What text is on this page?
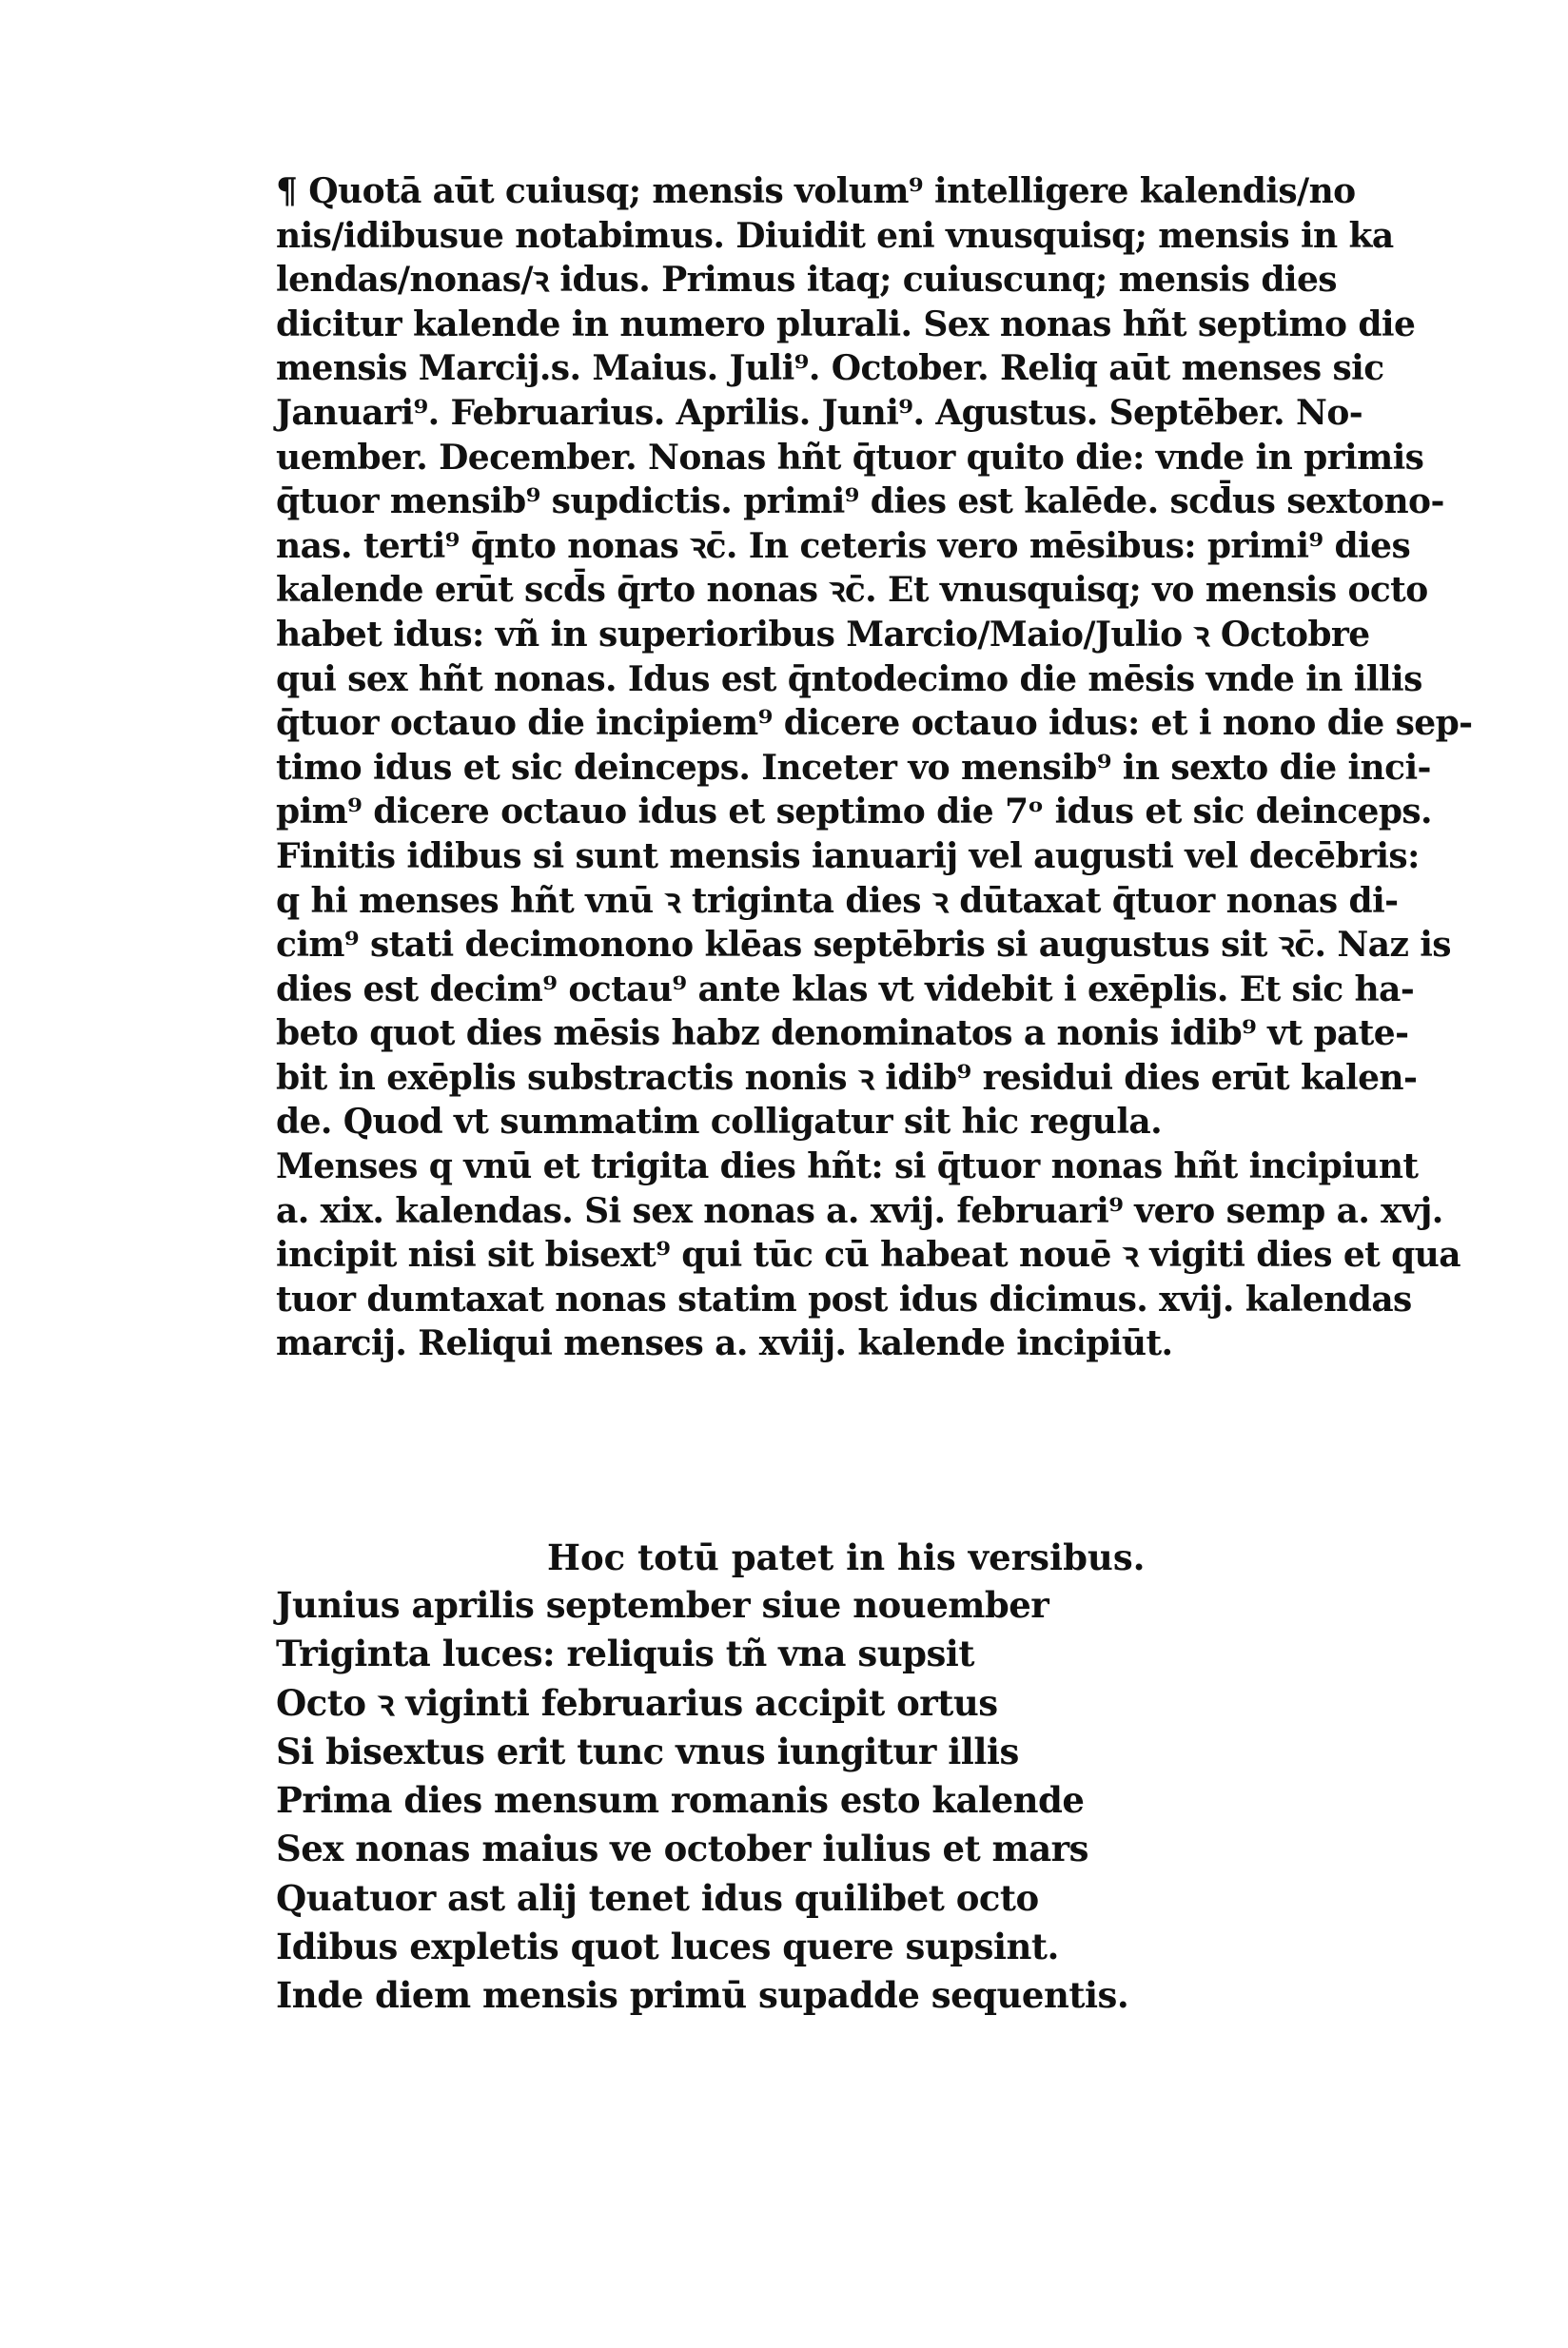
¶ Quotā aūt cuiusq; mensis volum⁹ intelligere kalendis/no
nis/idibusue notabimus. Diuidit eni vnusquisq; mensis in ka
lendas/nonas/ꝛ idus. Primus itaq; cuiuscunq; mensis dies
dicitur kalende in numero plurali. Sex nonas hñt septimo die
mensis Marcij.s. Maius. Juli⁹. October. Reliq aūt menses sic
Januari⁹. Februarius. Aprilis. Juni⁹. Agustus. Septēber. No-
uember. December. Nonas hñt q̄tuor quito die: vnde in primis
q̄tuor mensib⁹ supdictis. primi⁹ dies est kalēde. scd̄us sextono-
nas. terti⁹ q̄nto nonas ꝛc̄. In ceteris vero mēsibus: primi⁹ dies
kalende erūt scd̄s q̄rto nonas ꝛc̄. Et vnusquisq; vo mensis octo
habet idus: vñ in superioribus Marcio/Maio/Julio ꝛ Octobre
qui sex hñt nonas. Idus est q̄ntodecimo die mēsis vnde in illis
q̄tuor octauo die incipiem⁹ dicere octauo idus: et i nono die sep-
timo idus et sic deinceps. Inceter vo mensib⁹ in sexto die inci-
pim⁹ dicere octauo idus et septimo die 7ᵒ idus et sic deinceps.
Finitis idibus si sunt mensis ianuarij vel augusti vel decēbris:
q hi menses hñt vnū ꝛ triginta dies ꝛ dūtaxat q̄tuor nonas di-
cim⁹ stati decimonono klēas septēbris si augustus sit ꝛc̄. Naz is
dies est decim⁹ octau⁹ ante klas vt videbit i exēplis. Et sic ha-
beto quot dies mēsis habz denominatos a nonis idib⁹ vt pate-
bit in exēplis substractis nonis ꝛ idib⁹ residui dies erūt kalen-
de. Quod vt summatim colligatur sit hic regula.
Menses q vnū et trigita dies hñt: si q̄tuor nonas hñt incipiunt
a. xix. kalendas. Si sex nonas a. xvij. februari⁹ vero semp a. xvj.
incipit nisi sit bisext⁹ qui tūc cū habeat nouē ꝛ vigiti dies et qua
tuor dumtaxat nonas statim post idus dicimus. xvij. kalendas
marcij. Reliqui menses a. xviij. kalende incipiūt.
Hoc totū patet in his versibus.
Junius aprilis september siue nouember
Triginta luces: reliquis tñ vna supsit
Octo ꝛ viginti februarius accipit ortus
Si bisextus erit tunc vnus iungitur illis
Prima dies mensum romanis esto kalende
Sex nonas maius ve october iulius et mars
Quatuor ast alij tenet idus quilibet octo
Idibus expletis quot luces quere supsint.
Inde diem mensis primū supadde sequentis.
